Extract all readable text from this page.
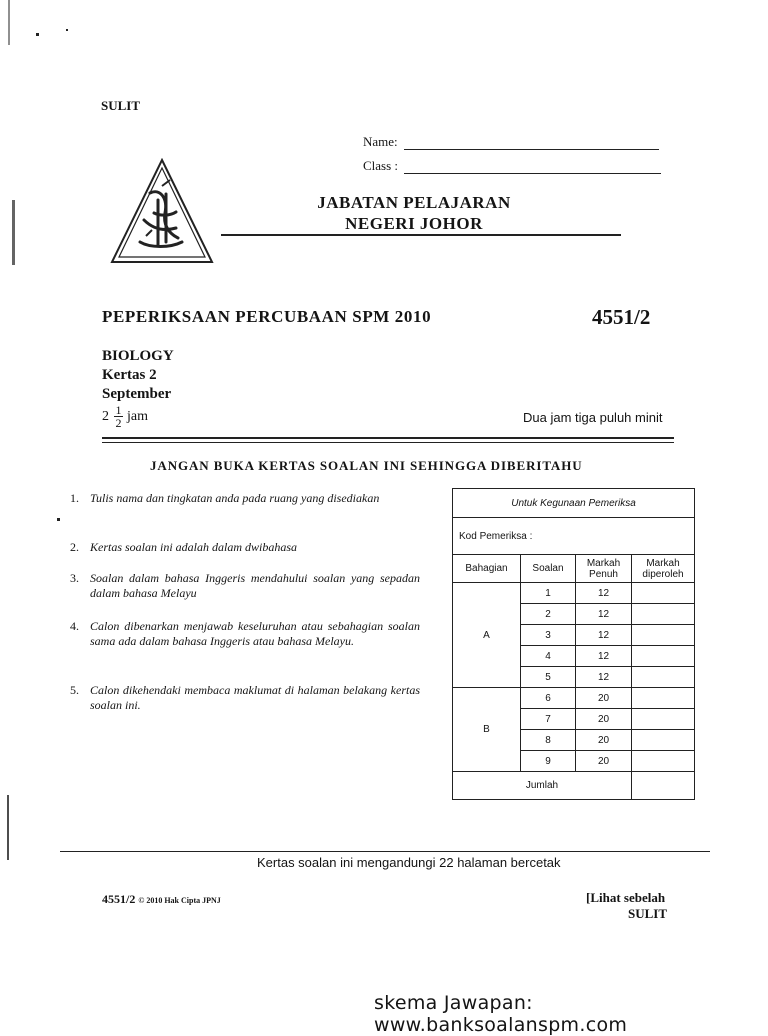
SULIT
Name:
Class :
JABATAN PELAJARAN
NEGERI JOHOR
PEPERIKSAAN PERCUBAAN SPM 2010	4551/2
BIOLOGY
Kertas 2
September
$2 \frac{1}{2}$ jam	Dua jam tiga puluh minit
JANGAN BUKA KERTAS SOALAN INI SEHINGGA DIBERITAHU
1. Tulis nama dan tingkatan anda pada ruang yang disediakan
2. Kertas soalan ini adalah dalam dwibahasa
3. Soalan dalam bahasa Inggeris mendahului soalan yang sepadan dalam bahasa Melayu
4. Calon dibenarkan menjawab keseluruhan atau sebahagian soalan sama ada dalam bahasa Inggeris atau bahasa Melayu.
5. Calon dikehendaki membaca maklumat di halaman belakang kertas soalan ini.
Untuk Kegunaan Pemeriksa			
Kod Pemeriksa :			
Bahagian	Soalan	Markah Penuh	Markah diperoleh
A	1	12	
	2	12	
	3	12	
	4	12	
	5	12	
B	6	20	
	7	20	
	8	20	
	9	20	
Jumlah			
Kertas soalan ini mengandungi 22 halaman bercetak
4551/2 © 2010 Hak Cipta JPNJ	[Lihat sebelah
SULIT
skema Jawapan: www.banksoalanspm.com
